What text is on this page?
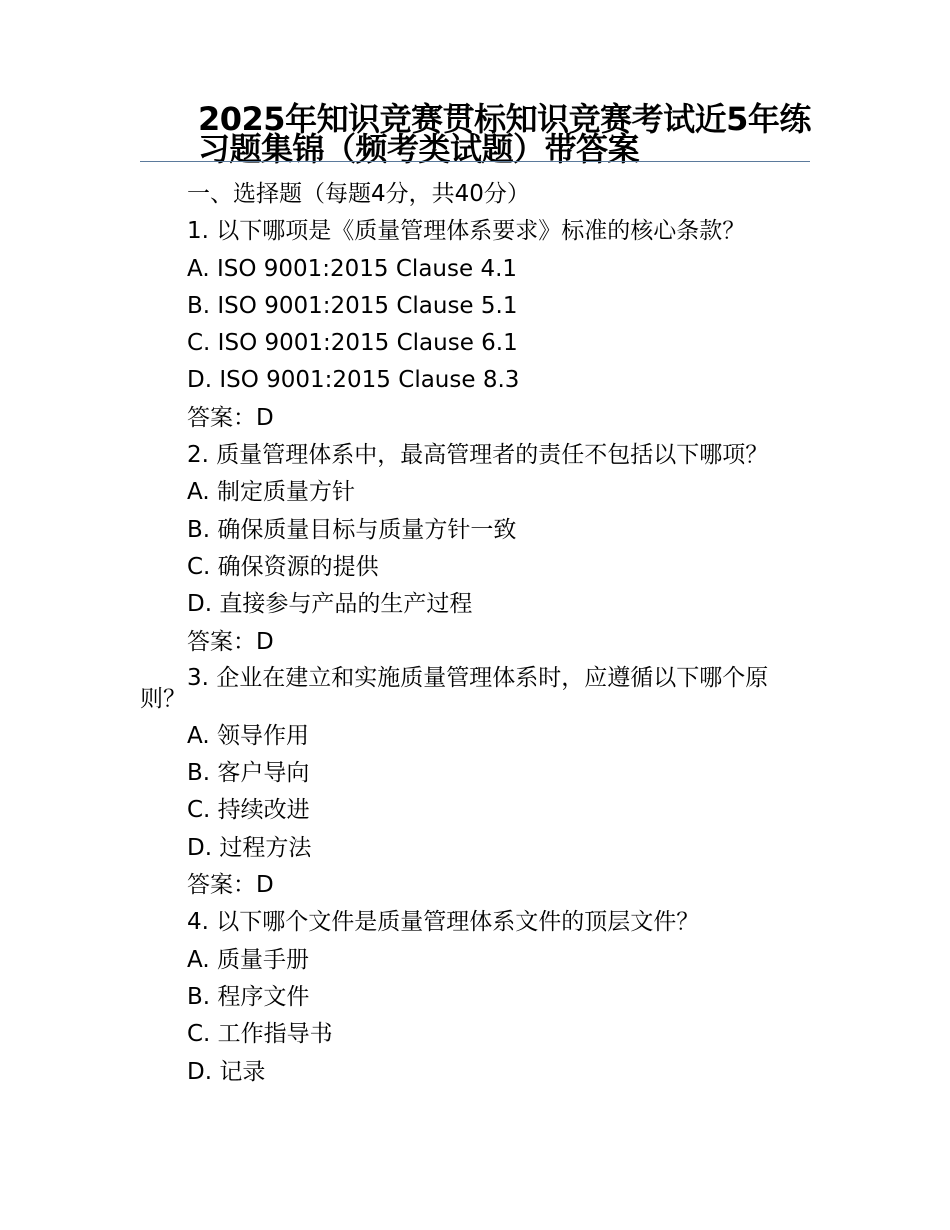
2025年知识竞赛贯标知识竞赛考试近5年练习题集锦（频考类试题）带答案

一、选择题（每题4分，共40分）

1. 以下哪项是《质量管理体系要求》标准的核心条款？

A. ISO 9001:2015 Clause 4.1

B. ISO 9001:2015 Clause 5.1

C. ISO 9001:2015 Clause 6.1

D. ISO 9001:2015 Clause 8.3

答案：D

2. 质量管理体系中，最高管理者的责任不包括以下哪项？

A. 制定质量方针

B. 确保质量目标与质量方针一致

C. 确保资源的提供

D. 直接参与产品的生产过程

答案：D

3. 企业在建立和实施质量管理体系时，应遵循以下哪个原则？

A. 领导作用

B. 客户导向

C. 持续改进

D. 过程方法

答案：D

4. 以下哪个文件是质量管理体系文件的顶层文件？

A. 质量手册

B. 程序文件

C. 工作指导书

D. 记录
